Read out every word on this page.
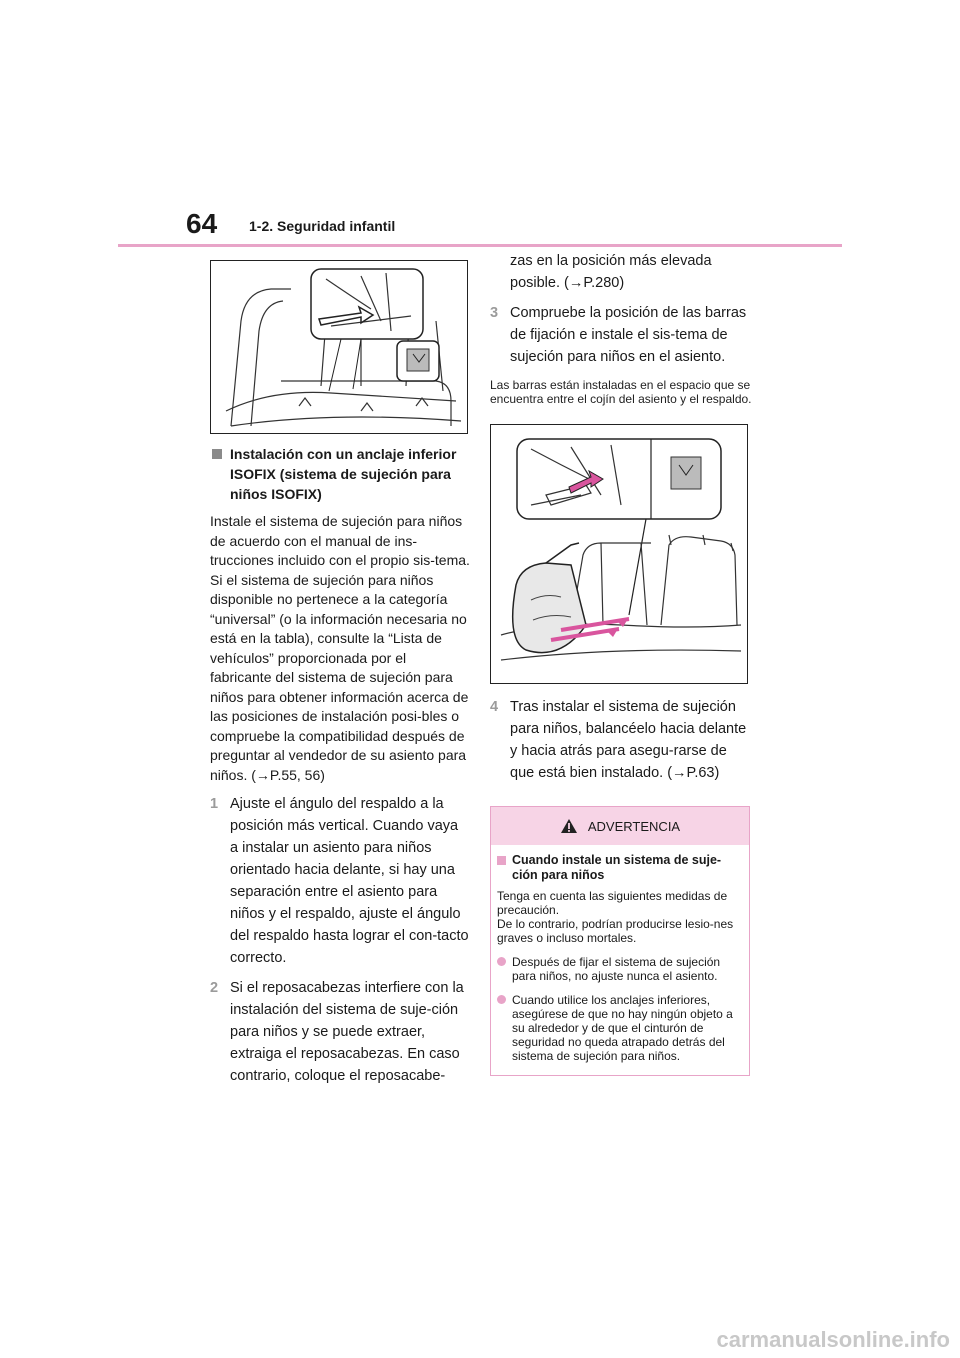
64 1-2. Seguridad infantil
Instalación con un anclaje inferior ISOFIX (sistema de sujeción para niños ISOFIX)

Instale el sistema de sujeción para niños de acuerdo con el manual de ins-trucciones incluido con el propio sis-tema.

Si el sistema de sujeción para niños disponible no pertenece a la categoría “universal” (o la información necesaria no está en la tabla), consulte la “Lista de vehículos” proporcionada por el fabricante del sistema de sujeción para niños para obtener información acerca de las posiciones de instalación posi-bles o compruebe la compatibilidad después de preguntar al vendedor de su asiento para niños. (→P.55, 56)

1 Ajuste el ángulo del respaldo a la posición más vertical. Cuando vaya a instalar un asiento para niños orientado hacia delante, si hay una separación entre el asiento para niños y el respaldo, ajuste el ángulo del respaldo hasta lograr el con-tacto correcto.
2 Si el reposacabezas interfiere con la instalación del sistema de suje-ción para niños y se puede extraer, extraiga el reposacabezas. En caso contrario, coloque el reposacabe-
zas en la posición más elevada posible. (→P.280)
3 Compruebe la posición de las barras de fijación e instale el sis-tema de sujeción para niños en el asiento.
Las barras están instaladas en el espacio que se encuentra entre el cojín del asiento y el respaldo.
4 Tras instalar el sistema de sujeción para niños, balancéelo hacia delante y hacia atrás para asegu-rarse de que está bien instalado. (→P.63)
ADVERTENCIA
Cuando instale un sistema de suje-ción para niños
Tenga en cuenta las siguientes medidas de precaución.
De lo contrario, podrían producirse lesio-nes graves o incluso mortales.
Después de fijar el sistema de sujeción para niños, no ajuste nunca el asiento.
Cuando utilice los anclajes inferiores, asegúrese de que no hay ningún objeto a su alrededor y de que el cinturón de seguridad no queda atrapado detrás del sistema de sujeción para niños.
carmanualsonline.info
